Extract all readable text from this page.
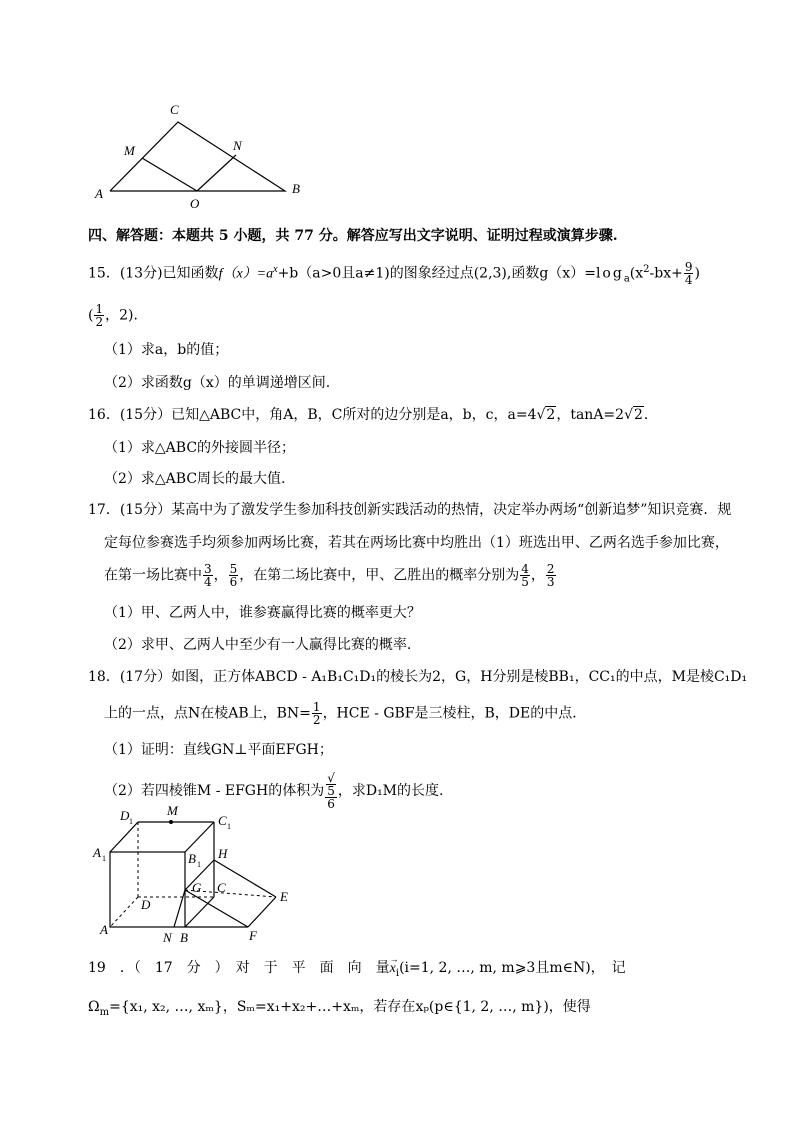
C
M	N
A
O
B
四、解答题：本题共 5 小题，共 77 分。解答应写出文字说明、证明过程或演算步骤.
15．(13分)已知函数$f(x)=a^x+b(a>0$且a≠1)的图象经过点(2,3),函数$g(x)=\log_a(x^2-bx+ \frac{9}{4}$ )
( $\frac{1}{2}$ ，2)．
（1）求a，b的值；
（2）求函数g（x）的单调递增区间.
16．(15分）已知△ABC中，角A，B，C所对的边分别是a，b，c，a=4√2，tanA=2√2．
（1）求△ABC的外接圆半径；
（2）求△ABC周长的最大值.
17．(15分）某高中为了激发学生参加科技创新实践活动的热情，决定举办两场“创新追梦”知识竞赛．规
定每位参赛选手均须参加两场比赛，若其在两场比赛中均胜出（1）班选出甲、乙两名选手参加比赛，
在第一场比赛中 $\frac{3}{4}$ ， $\frac{5}{6}$ ，在第二场比赛中，甲、乙胜出的概率分别为 $\frac{4}{5}$ ， $\frac{2}{3}$
（1）甲、乙两人中，谁参赛赢得比赛的概率更大？
（2）求甲、乙两人中至少有一人赢得比赛的概率.
18．(17分）如图，正方体ABCD - A₁B₁C₁D₁的棱长为2，G，H分别是棱BB₁，CC₁的中点，M是棱C₁D₁
上的一点，点N在棱AB上，$BN= \frac{1}{2}$ ，HCE - GBF是三棱柱，B，DE的中点．
（1）证明：直线GN⊥平面EFGH；
（2）若四棱锥M - EFGH的体积为 √
5
6 ，求D₁M的长度.
D 1
M
C 1
A 1	B 1
H
G C
D
E
A
N B	F
19　．（　17　分　）　对　于　平　面　向　量→ $x_i(i=1$, 2, …, m, m⩾3且m∈N)，　记
$\Omega_m=\{x_1$, x₂, …, xₘ}，Sₘ=x₁+x₂+…+xₘ，若存在xₚ(p∈{1, 2, …, m})，使得
